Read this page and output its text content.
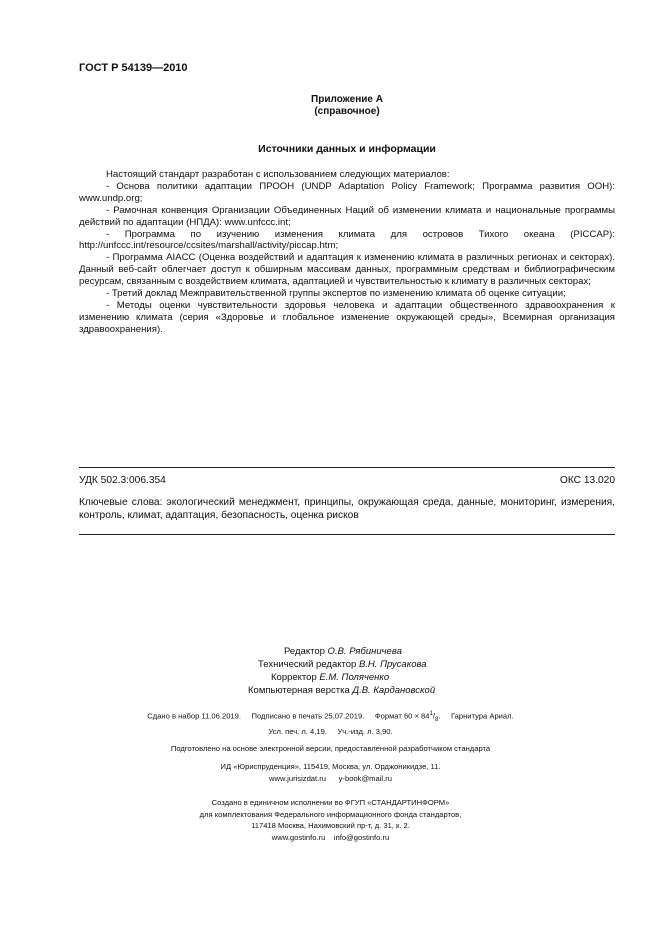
ГОСТ Р 54139—2010
Приложение А
(справочное)
Источники данных и информации

Настоящий стандарт разработан с использованием следующих материалов:

- Основа политики адаптации ПРООН (UNDP Adaptation Policy Framework; Программа развития ООН): www.undp.org;

- Рамочная конвенция Организации Объединенных Наций об изменении климата и национальные программы действий по адаптации (НПДА): www.unfccc.int;

- Программа по изучению изменения климата для островов Тихого океана (PICCAP): http://unfccc.int/resource/ccsites/marshall/activity/piccap.htm;

- Программа AIACC (Оценка воздействий и адаптация к изменению климата в различных регионах и секторах). Данный веб-сайт облегчает доступ к обширным массивам данных, программным средствам и библиографическим ресурсам, связанным с воздействием климата, адаптацией и чувствительностью к климату в различных секторах;

- Третий доклад Межправительственной группы экспертов по изменению климата об оценке ситуации;

- Методы оценки чувствительности здоровья человека и адаптации общественного здравоохранения к изменению климата (серия «Здоровье и глобальное изменение окружающей среды», Всемирная организация здравоохранения).

УДК 502.3:006.354	ОКС 13.020

Ключевые слова: экологический менеджмент, принципы, окружающая среда, данные, мониторинг, измерения, контроль, климат, адаптация, безопасность, оценка рисков

Редактор О.В. Рябиничева
Технический редактор В.Н. Прусакова
Корректор Е.М. Поляченко
Компьютерная верстка Д.В. Кардановской
Сдано в набор 11.06.2019. Подписано в печать 25.07.2019. Формат $60 \times 84^1/_8$.     Гарнитура Ариал.
Усл. печ. л. 4,19. Уч.-изд. л. 3,90.
Подготовлено на основе электронной версии, предоставленной разработчиком стандарта
ИД «Юриспруденция», 115419, Москва, ул. Орджоникидзе, 11.
www.jurisizdat.ru y-book@mail.ru
Создано в единичном исполнении во ФГУП «СТАНДАРТИНФОРМ»
для комплектования Федерального информационного фонда стандартов,
117418 Москва, Нахимовский пр-т, д. 31, к. 2.
www.gostinfo.ru info@gostinfo.ru
